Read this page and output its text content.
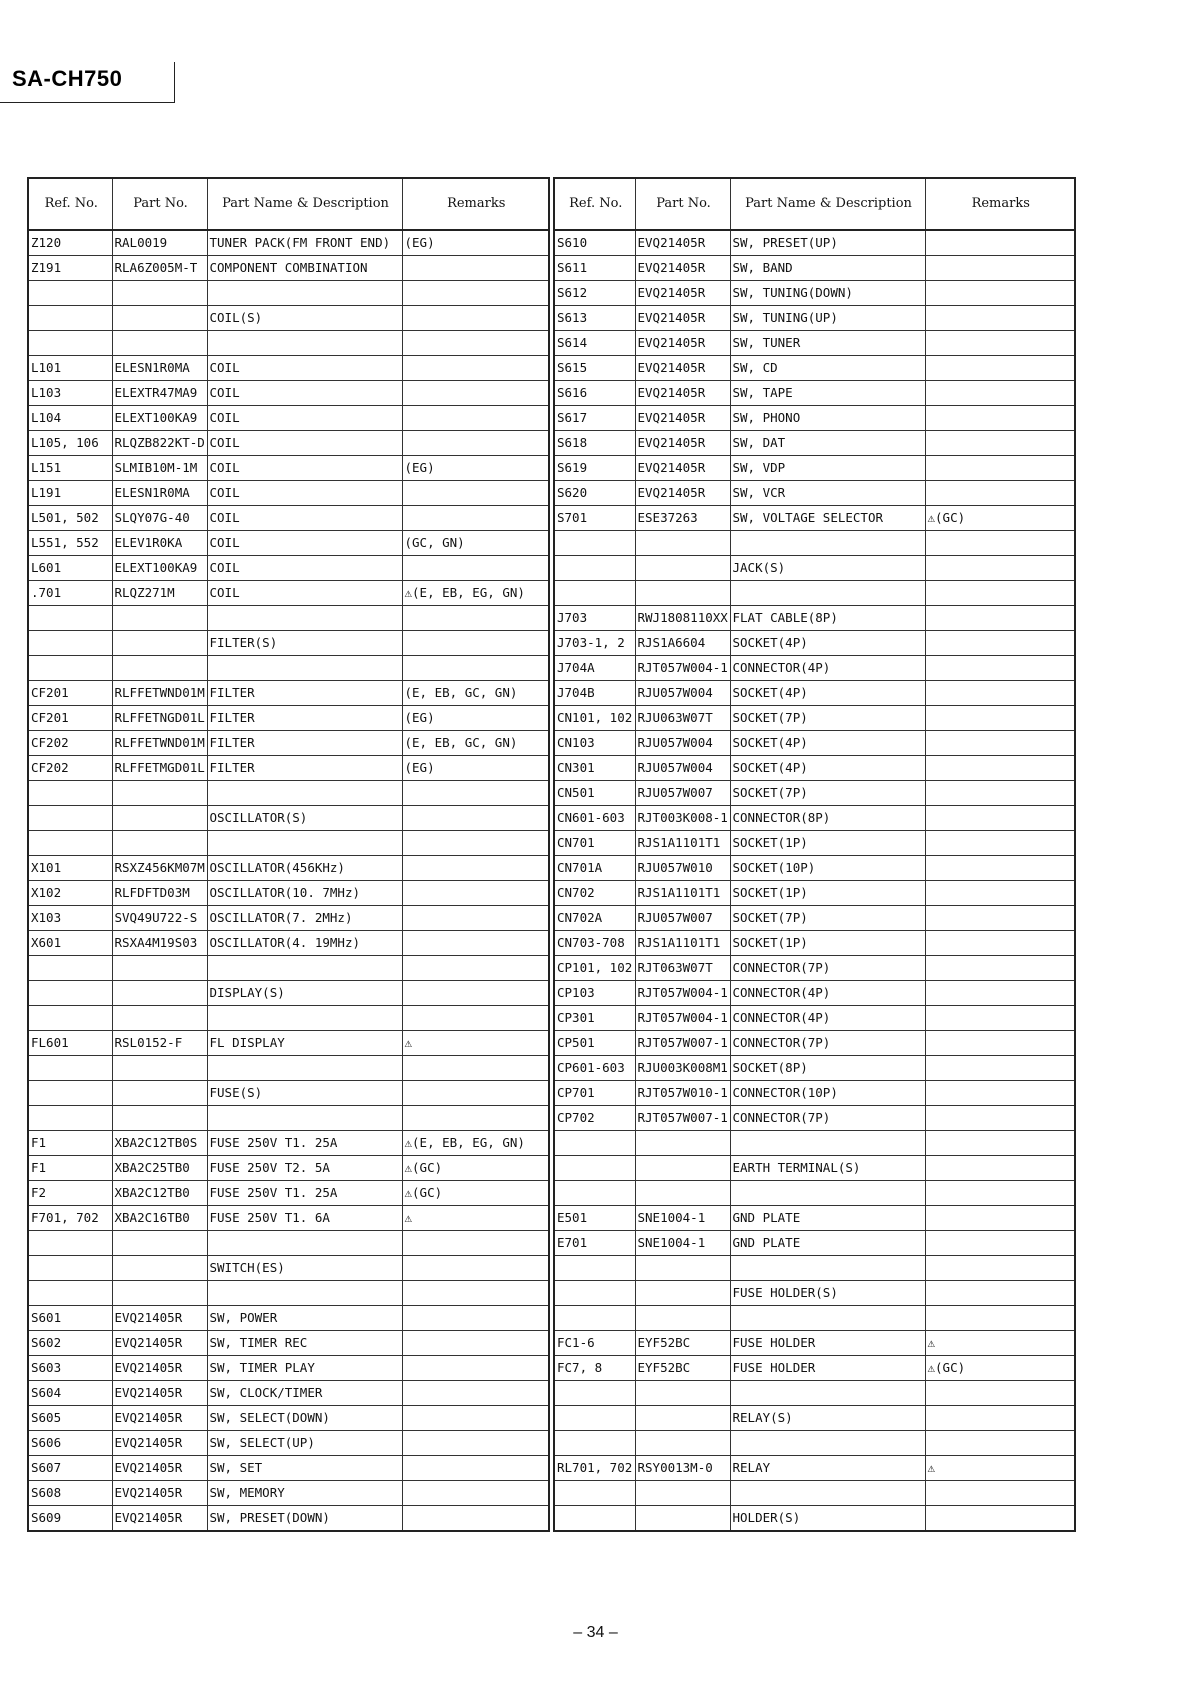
SA-CH750
Ref. No.	Part No.	Part Name & Description	Remarks
Z120	RAL0019	TUNER PACK(FM FRONT END)	(EG)
Z191	RLA6Z005M-T	COMPONENT COMBINATION	

		COIL(S)	

L101	ELESN1R0MA	COIL	
L103	ELEXTR47MA9	COIL	
L104	ELEXT100KA9	COIL	
L105, 106	RLQZB822KT-D	COIL	
L151	SLMIB10M-1M	COIL	(EG)
L191	ELESN1R0MA	COIL	
L501, 502	SLQY07G-40	COIL	
L551, 552	ELEV1R0KA	COIL	(GC, GN)
L601	ELEXT100KA9	COIL	
.701	RLQZ271M	COIL	⚠(E, EB, EG, GN)

		FILTER(S)	

CF201	RLFFETWND01M	FILTER	(E, EB, GC, GN)
CF201	RLFFETNGD01L	FILTER	(EG)
CF202	RLFFETWND01M	FILTER	(E, EB, GC, GN)
CF202	RLFFETMGD01L	FILTER	(EG)

		OSCILLATOR(S)	

X101	RSXZ456KM07M	OSCILLATOR(456KHz)	
X102	RLFDFTD03M	OSCILLATOR(10. 7MHz)	
X103	SVQ49U722-S	OSCILLATOR(7. 2MHz)	
X601	RSXA4M19S03	OSCILLATOR(4. 19MHz)	

		DISPLAY(S)	

FL601	RSL0152-F	FL DISPLAY	⚠

		FUSE(S)	

F1	XBA2C12TB0S	FUSE 250V T1. 25A	⚠(E, EB, EG, GN)
F1	XBA2C25TB0	FUSE 250V T2. 5A	⚠(GC)
F2	XBA2C12TB0	FUSE 250V T1. 25A	⚠(GC)
F701, 702	XBA2C16TB0	FUSE 250V T1. 6A	⚠

		SWITCH(ES)	

S601	EVQ21405R	SW, POWER	
S602	EVQ21405R	SW, TIMER REC	
S603	EVQ21405R	SW, TIMER PLAY	
S604	EVQ21405R	SW, CLOCK/TIMER	
S605	EVQ21405R	SW, SELECT(DOWN)	
S606	EVQ21405R	SW, SELECT(UP)	
S607	EVQ21405R	SW, SET	
S608	EVQ21405R	SW, MEMORY	
S609	EVQ21405R	SW, PRESET(DOWN)	
Ref. No.	Part No.	Part Name & Description	Remarks
S610	EVQ21405R	SW, PRESET(UP)	
S611	EVQ21405R	SW, BAND	
S612	EVQ21405R	SW, TUNING(DOWN)	
S613	EVQ21405R	SW, TUNING(UP)	
S614	EVQ21405R	SW, TUNER	
S615	EVQ21405R	SW, CD	
S616	EVQ21405R	SW, TAPE	
S617	EVQ21405R	SW, PHONO	
S618	EVQ21405R	SW, DAT	
S619	EVQ21405R	SW, VDP	
S620	EVQ21405R	SW, VCR	
S701	ESE37263	SW, VOLTAGE SELECTOR	⚠(GC)

		JACK(S)	

J703	RWJ1808110XX	FLAT CABLE(8P)	
J703-1, 2	RJS1A6604	SOCKET(4P)	
J704A	RJT057W004-1	CONNECTOR(4P)	
J704B	RJU057W004	SOCKET(4P)	
CN101, 102	RJU063W07T	SOCKET(7P)	
CN103	RJU057W004	SOCKET(4P)	
CN301	RJU057W004	SOCKET(4P)	
CN501	RJU057W007	SOCKET(7P)	
CN601-603	RJT003K008-1	CONNECTOR(8P)	
CN701	RJS1A1101T1	SOCKET(1P)	
CN701A	RJU057W010	SOCKET(10P)	
CN702	RJS1A1101T1	SOCKET(1P)	
CN702A	RJU057W007	SOCKET(7P)	
CN703-708	RJS1A1101T1	SOCKET(1P)	
CP101, 102	RJT063W07T	CONNECTOR(7P)	
CP103	RJT057W004-1	CONNECTOR(4P)	
CP301	RJT057W004-1	CONNECTOR(4P)	
CP501	RJT057W007-1	CONNECTOR(7P)	
CP601-603	RJU003K008M1	SOCKET(8P)	
CP701	RJT057W010-1	CONNECTOR(10P)	
CP702	RJT057W007-1	CONNECTOR(7P)	

		EARTH TERMINAL(S)	

E501	SNE1004-1	GND PLATE	
E701	SNE1004-1	GND PLATE	

		FUSE HOLDER(S)	

FC1-6	EYF52BC	FUSE HOLDER	⚠
FC7, 8	EYF52BC	FUSE HOLDER	⚠(GC)

		RELAY(S)	

RL701, 702	RSY0013M-0	RELAY	⚠

		HOLDER(S)	
– 34 –
